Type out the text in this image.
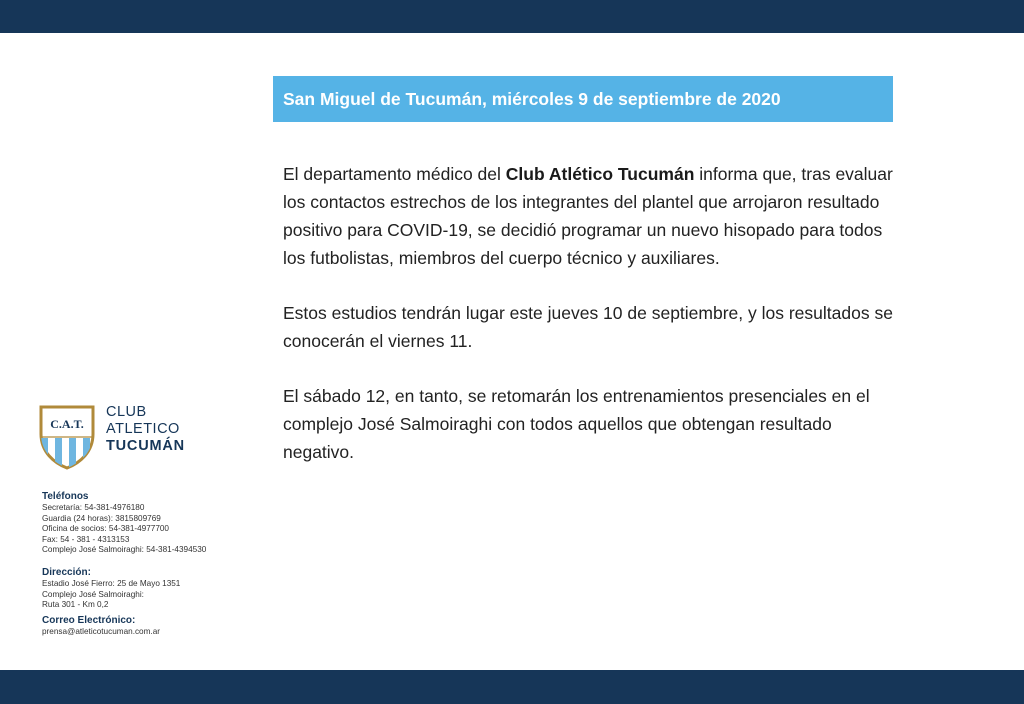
San Miguel de Tucumán, miércoles 9 de septiembre de 2020

El departamento médico del Club Atlético Tucumán informa que, tras evaluar los contactos estrechos de los integrantes del plantel que arrojaron resultado positivo para COVID-19, se decidió programar un nuevo hisopado para todos los futbolistas, miembros del cuerpo técnico y auxiliares.

Estos estudios tendrán lugar este jueves 10 de septiembre, y los resultados se conocerán el viernes 11.

El sábado 12, en tanto, se retomarán los entrenamientos presenciales en el complejo José Salmoiraghi con todos aquellos que obtengan resultado negativo.

C.A.T.
CLUB
ATLETICO
TUCUMÁN
Teléfonos
Secretaría: 54-381-4976180
Guardia (24 horas): 3815809769
Oficina de socios: 54-381-4977700
Fax: 54 - 381 - 4313153
Complejo José Salmoiraghi: 54-381-4394530
Dirección:
Estadio José Fierro: 25 de Mayo 1351
Complejo José Salmoiraghi:
Ruta 301 - Km 0,2
Correo Electrónico:
prensa@atleticotucuman.com.ar
